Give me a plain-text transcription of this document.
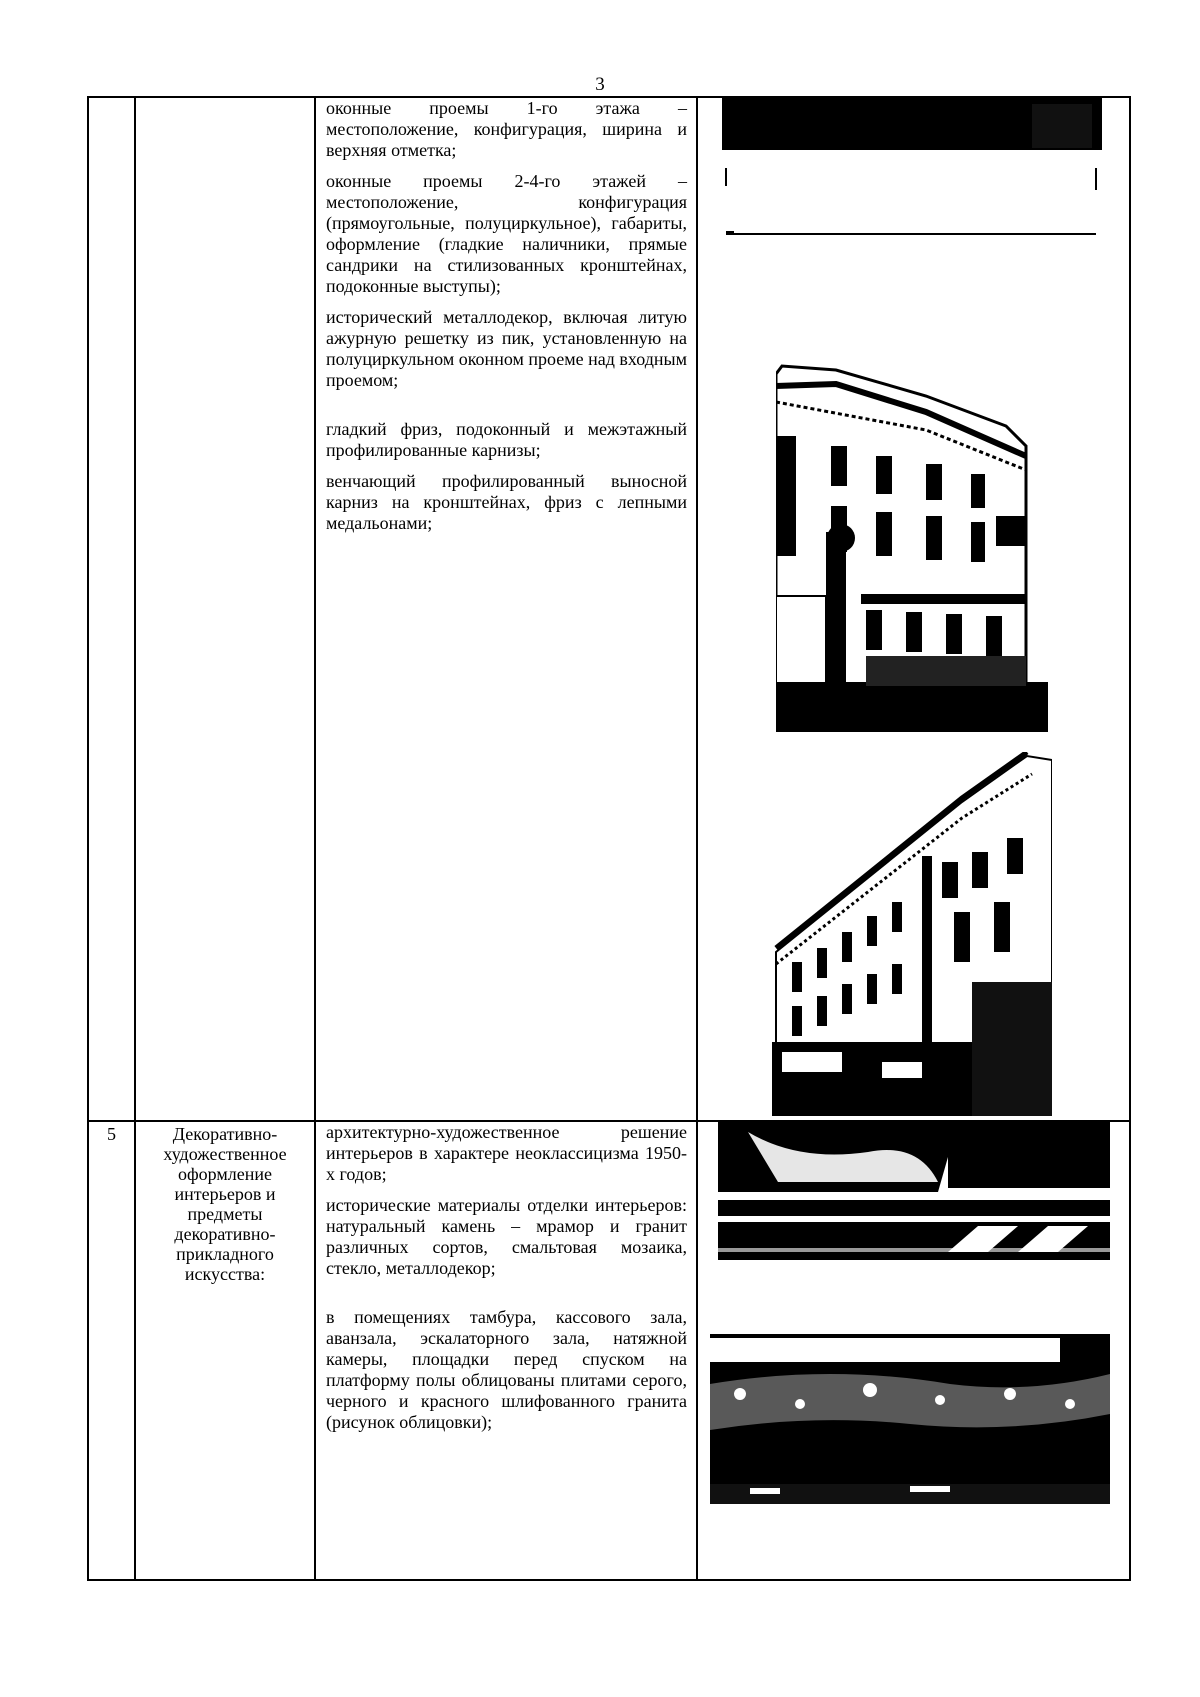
3

		оконные проемы 1-го этажа – местоположение, конфигурация, ширина и верхняя отметка;

оконные проемы 2-4-го этажей – местоположение, конфигурация (прямоугольные, полуциркульное), габариты, оформление (гладкие наличники, прямые сандрики на стилизованных кронштейнах, подоконные выступы);

исторический металлодекор, включая литую ажурную решетку из пик, установленную на полуциркульном оконном проеме над входным проемом;

гладкий фриз, подоконный и межэтажный профилированные карнизы;

венчающий профилированный выносной карниз на кронштейнах, фриз с лепными медальонами;

5	Декоративно-художественное оформление интерьеров и предметы декоративно-прикладного искусства:	архитектурно-художественное решение интерьеров в характере неоклассицизма 1950-х годов;

исторические материалы отделки интерьеров: натуральный камень – мрамор и гранит различных сортов, смальтовая мозаика, стекло, металлодекор;

в помещениях тамбура, кассового зала, аванзала, эскалаторного зала, натяжной камеры, площадки перед спуском на платформу полы облицованы плитами серого, черного и красного шлифованного гранита (рисунок облицовки);
